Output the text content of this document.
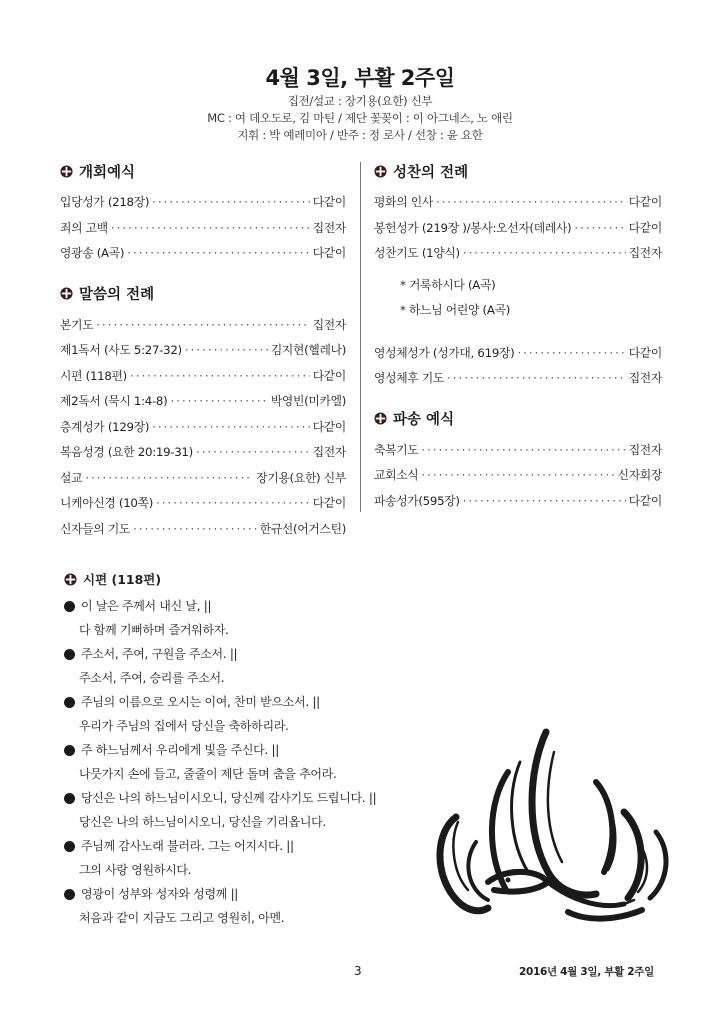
4월 3일, 부활 2주일
집전/설교 : 장기용(요한) 신부
MC : 여 데오도로, 김 마틴 / 제단 꽃꽂이 : 이 아그네스, 노 애린
지휘 : 박 예레미아 / 반주 : 정 로사 / 선창 : 윤 요한
개회예식
입당성가 (218장) ·····	다같이
죄의 고백 ·····	집전자
영광송 (A곡) ·····	다같이
말씀의 전례
본기도 ·····	집전자
제1독서 (사도 5:27-32) ·····	김지현(헬레나)
시편 (118편) ·····	다같이
제2독서 (묵시 1:4-8) ·····	박영빈(미카엘)
층계성가 (129장) ·····	다같이
복음성경 (요한 20:19-31) ·····	집전자
설교 ·····	장기용(요한) 신부
니케아신경 (10쪽) ·····	다같이
신자들의 기도 ·····	한규선(어거스틴)
성찬의 전례
평화의 인사 ·····	다같이
봉헌성가 (219장 )/봉사:오선자(데레사) ·····	다같이
성찬기도 (1양식) ·····	집전자
* 거룩하시다 (A곡)
* 하느님 어린양 (A곡)
영성체성가 (성가대, 619장) ·····	다같이
영성체후 기도 ·····	집전자
파송 예식
축복기도 ·····	집전자
교회소식 ·····	신자회장
파송성가(595장) ·····	다같이
시편 (118편)
이 날은 주께서 내신 날, ||
다 함께 기뻐하며 즐거워하자.
주소서, 주여, 구원을 주소서. ||
주소서, 주여, 승리를 주소서.
주님의 이름으로 오시는 이여, 찬미 받으소서. ||
우리가 주님의 집에서 당신을 축하하리라.
주 하느님께서 우리에게 빛을 주신다. ||
나뭇가지 손에 들고, 줄줄이 제단 돌며 춤을 추어라.
당신은 나의 하느님이시오니, 당신께 감사기도 드립니다. ||
당신은 나의 하느님이시오니, 당신을 기리옵니다.
주님께 감사노래 불러라. 그는 어지시다. ||
그의 사랑 영원하시다.
영광이 성부와 성자와 성령께 ||
처음과 같이 지금도 그리고 영원히, 아멘.
3	2016년 4월 3일, 부활 2주일
